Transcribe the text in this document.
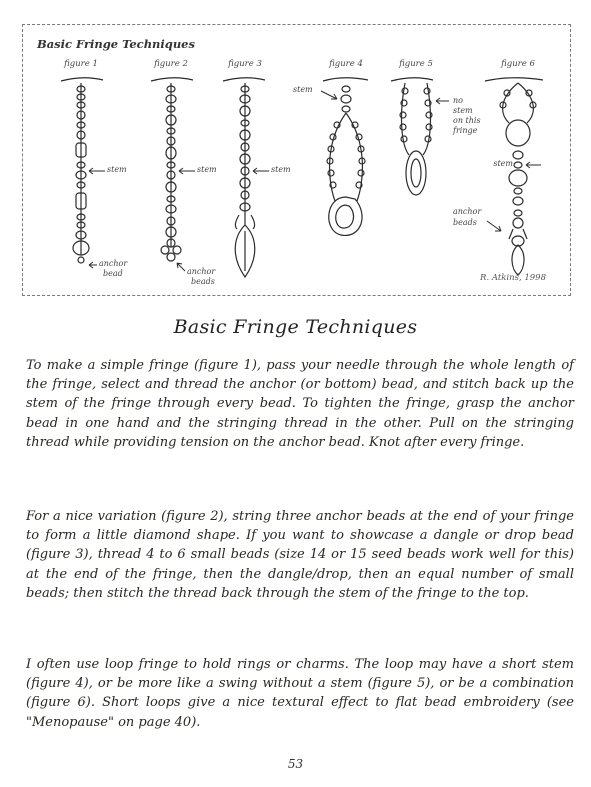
Basic Fringe Techniques
figure 1	figure 2	figure 3	figure 4	figure 5	figure 6
stem	stem	stem
stem
stem
anchor
bead	anchor
beads
anchor
beads
no
stem
on this
fringe
R. Atkins, 1998
Basic Fringe Techniques

To make a simple fringe (figure 1), pass your needle through the whole length of the fringe, select and thread the anchor (or bottom) bead, and stitch back up the stem of the fringe through every bead. To tighten the fringe, grasp the anchor bead in one hand and the stringing thread in the other. Pull on the stringing thread while providing tension on the anchor bead. Knot after every fringe.

For a nice variation (figure 2), string three anchor beads at the end of your fringe to form a little diamond shape. If you want to showcase a dangle or drop bead (figure 3), thread 4 to 6 small beads (size 14 or 15 seed beads work well for this) at the end of the fringe, then the dangle/drop, then an equal number of small beads; then stitch the thread back through the stem of the fringe to the top.

I often use loop fringe to hold rings or charms. The loop may have a short stem (figure 4), or be more like a swing without a stem (figure 5), or be a combination (figure 6). Short loops give a nice textural effect to flat bead embroidery (see "Menopause" on page 40).

53
